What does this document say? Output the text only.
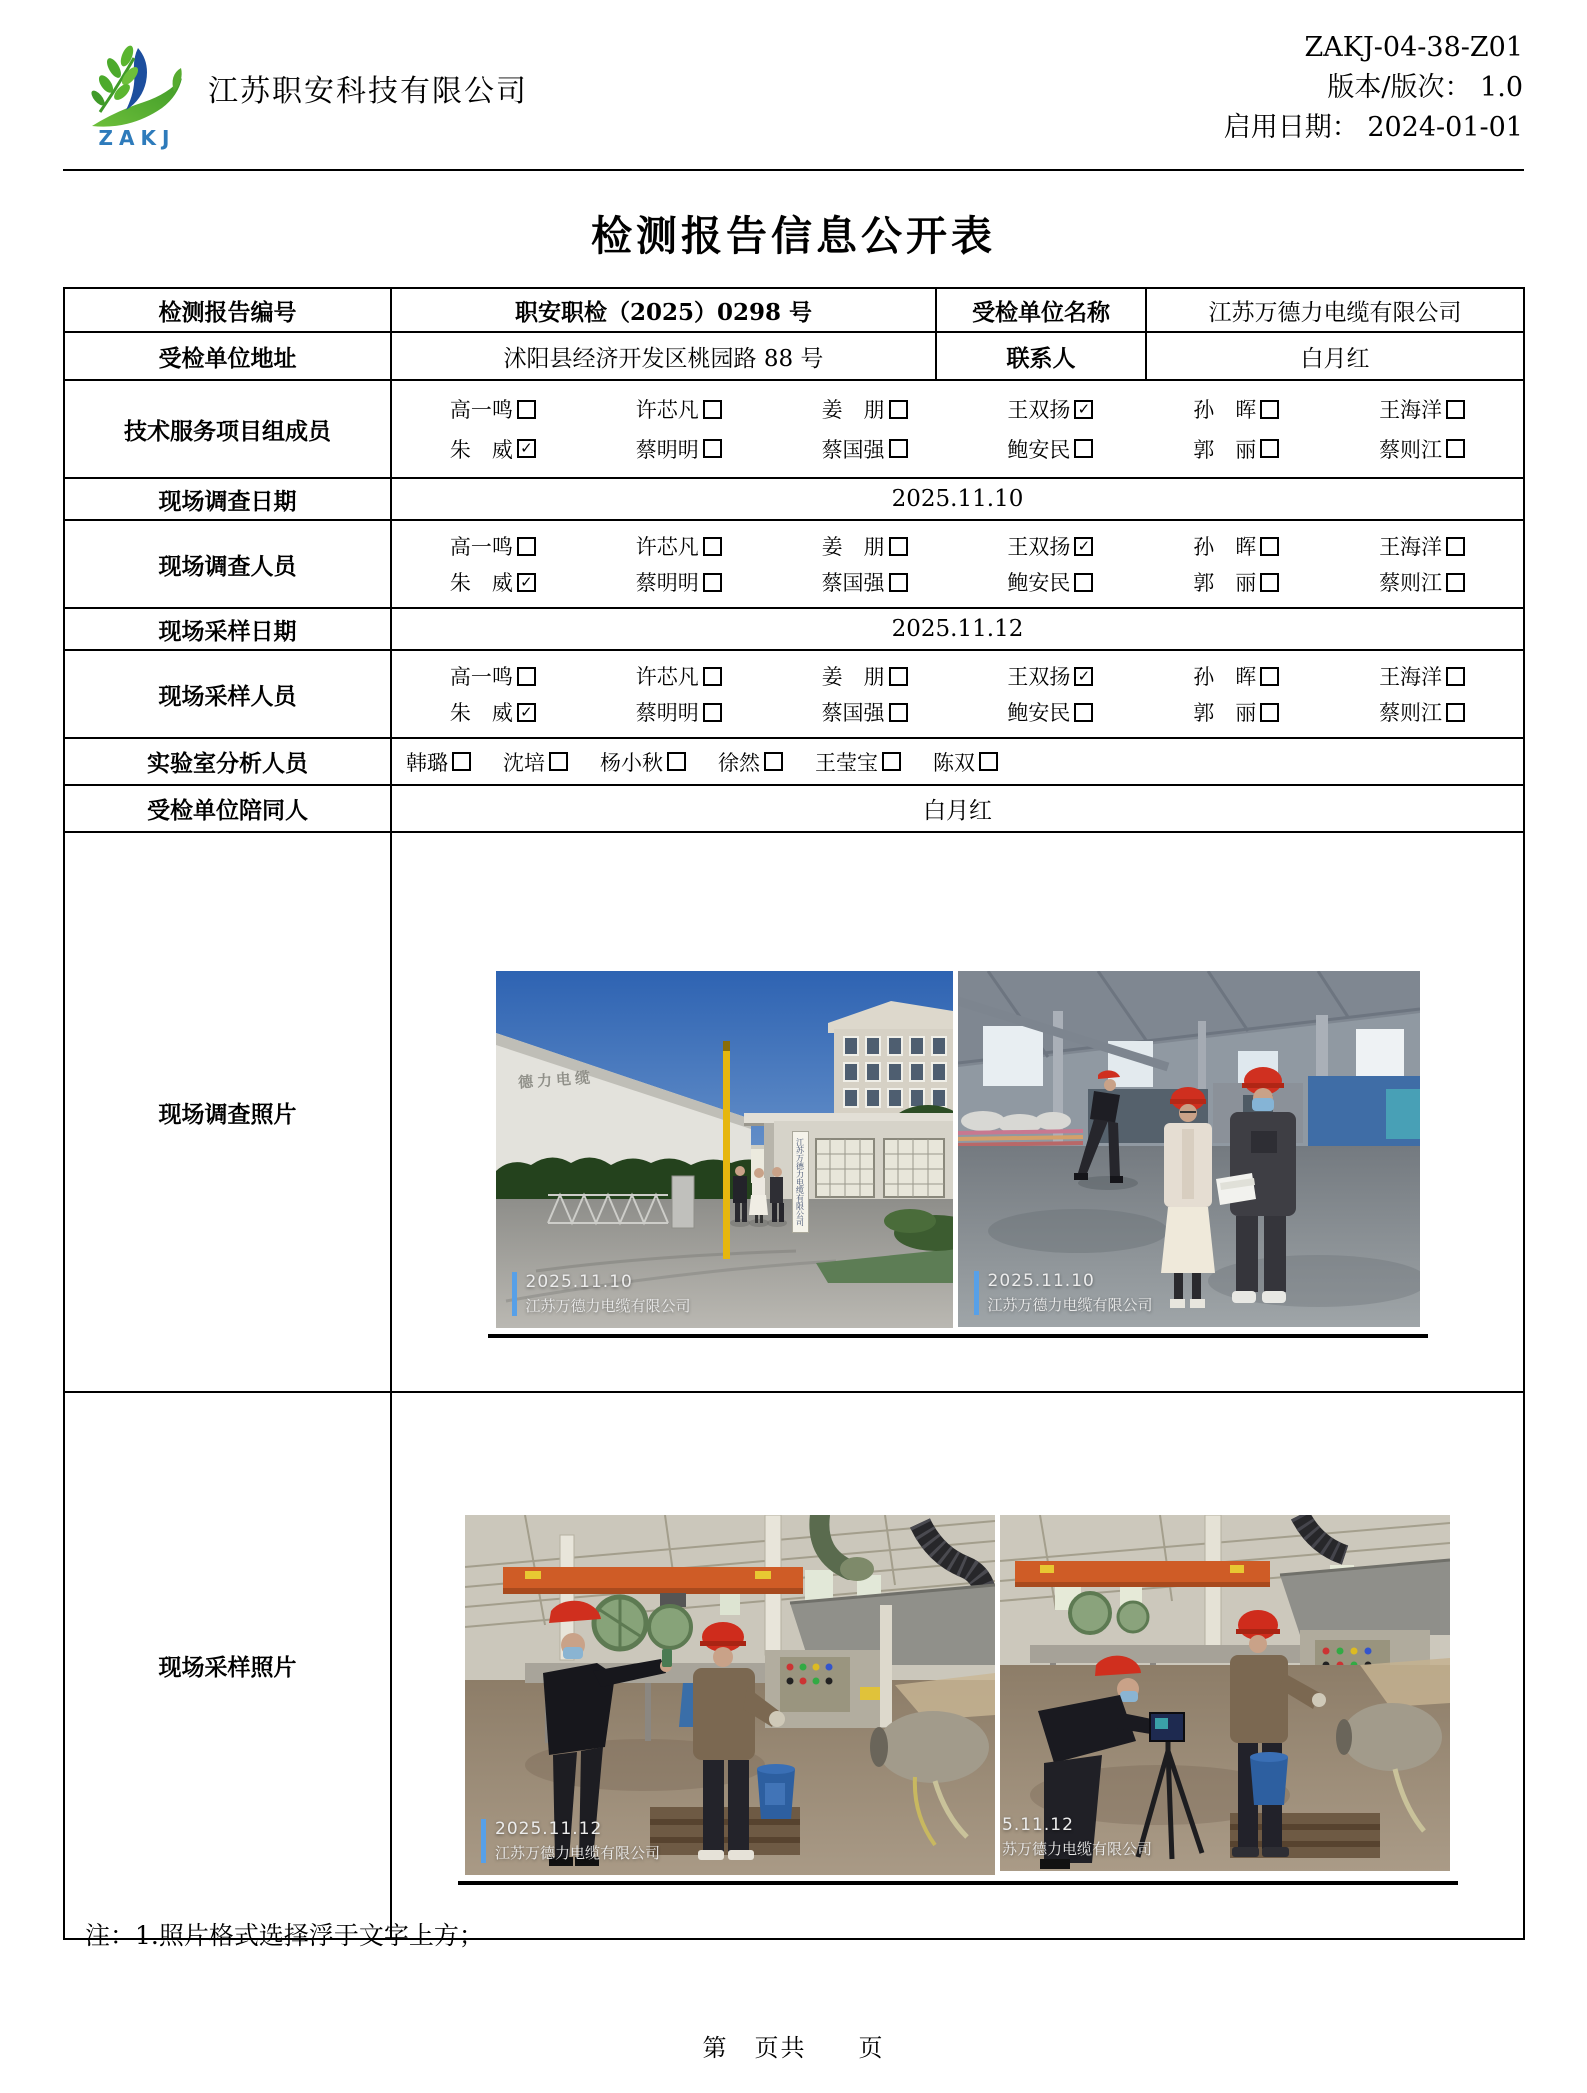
ZAKJ
江苏职安科技有限公司
ZAKJ-04-38-Z01
版本/版次： 1.0
启用日期： 2024-01-01
检测报告信息公开表
检测报告编号	职安职检（2025）0298 号	受检单位名称	江苏万德力电缆有限公司
受检单位地址	沭阳县经济开发区桃园路 88 号	联系人	白月红
技术服务项目组成员	
高一鸣	许芯凡	姜　朋	王双扬 ✓	孙　晖	王海洋
朱　威 ✓	蔡明明	蔡国强	鲍安民	郭　丽	蔡则江

现场调查日期	2025.11.10		
现场调查人员	
高一鸣	许芯凡	姜　朋	王双扬 ✓	孙　晖	王海洋
朱　威 ✓	蔡明明	蔡国强	鲍安民	郭　丽	蔡则江

现场采样日期	2025.11.12		
现场采样人员	
高一鸣	许芯凡	姜　朋	王双扬 ✓	孙　晖	王海洋
朱　威 ✓	蔡明明	蔡国强	鲍安民	郭　丽	蔡则江

实验室分析人员	韩璐	沈培	杨小秋	徐然	王莹宝	陈双

受检单位陪同人	白月红		
现场调查照片	
德力电缆
江苏万德力电缆有限公司
2025.11.10
江苏万德力电缆有限公司
2025.11.10
江苏万德力电缆有限公司

现场采样照片	2025.11.12
江苏万德力电缆有限公司
5.11.12
苏万德力电缆有限公司		
注：1.照片格式选择浮于文字上方；
第　页共　　页
